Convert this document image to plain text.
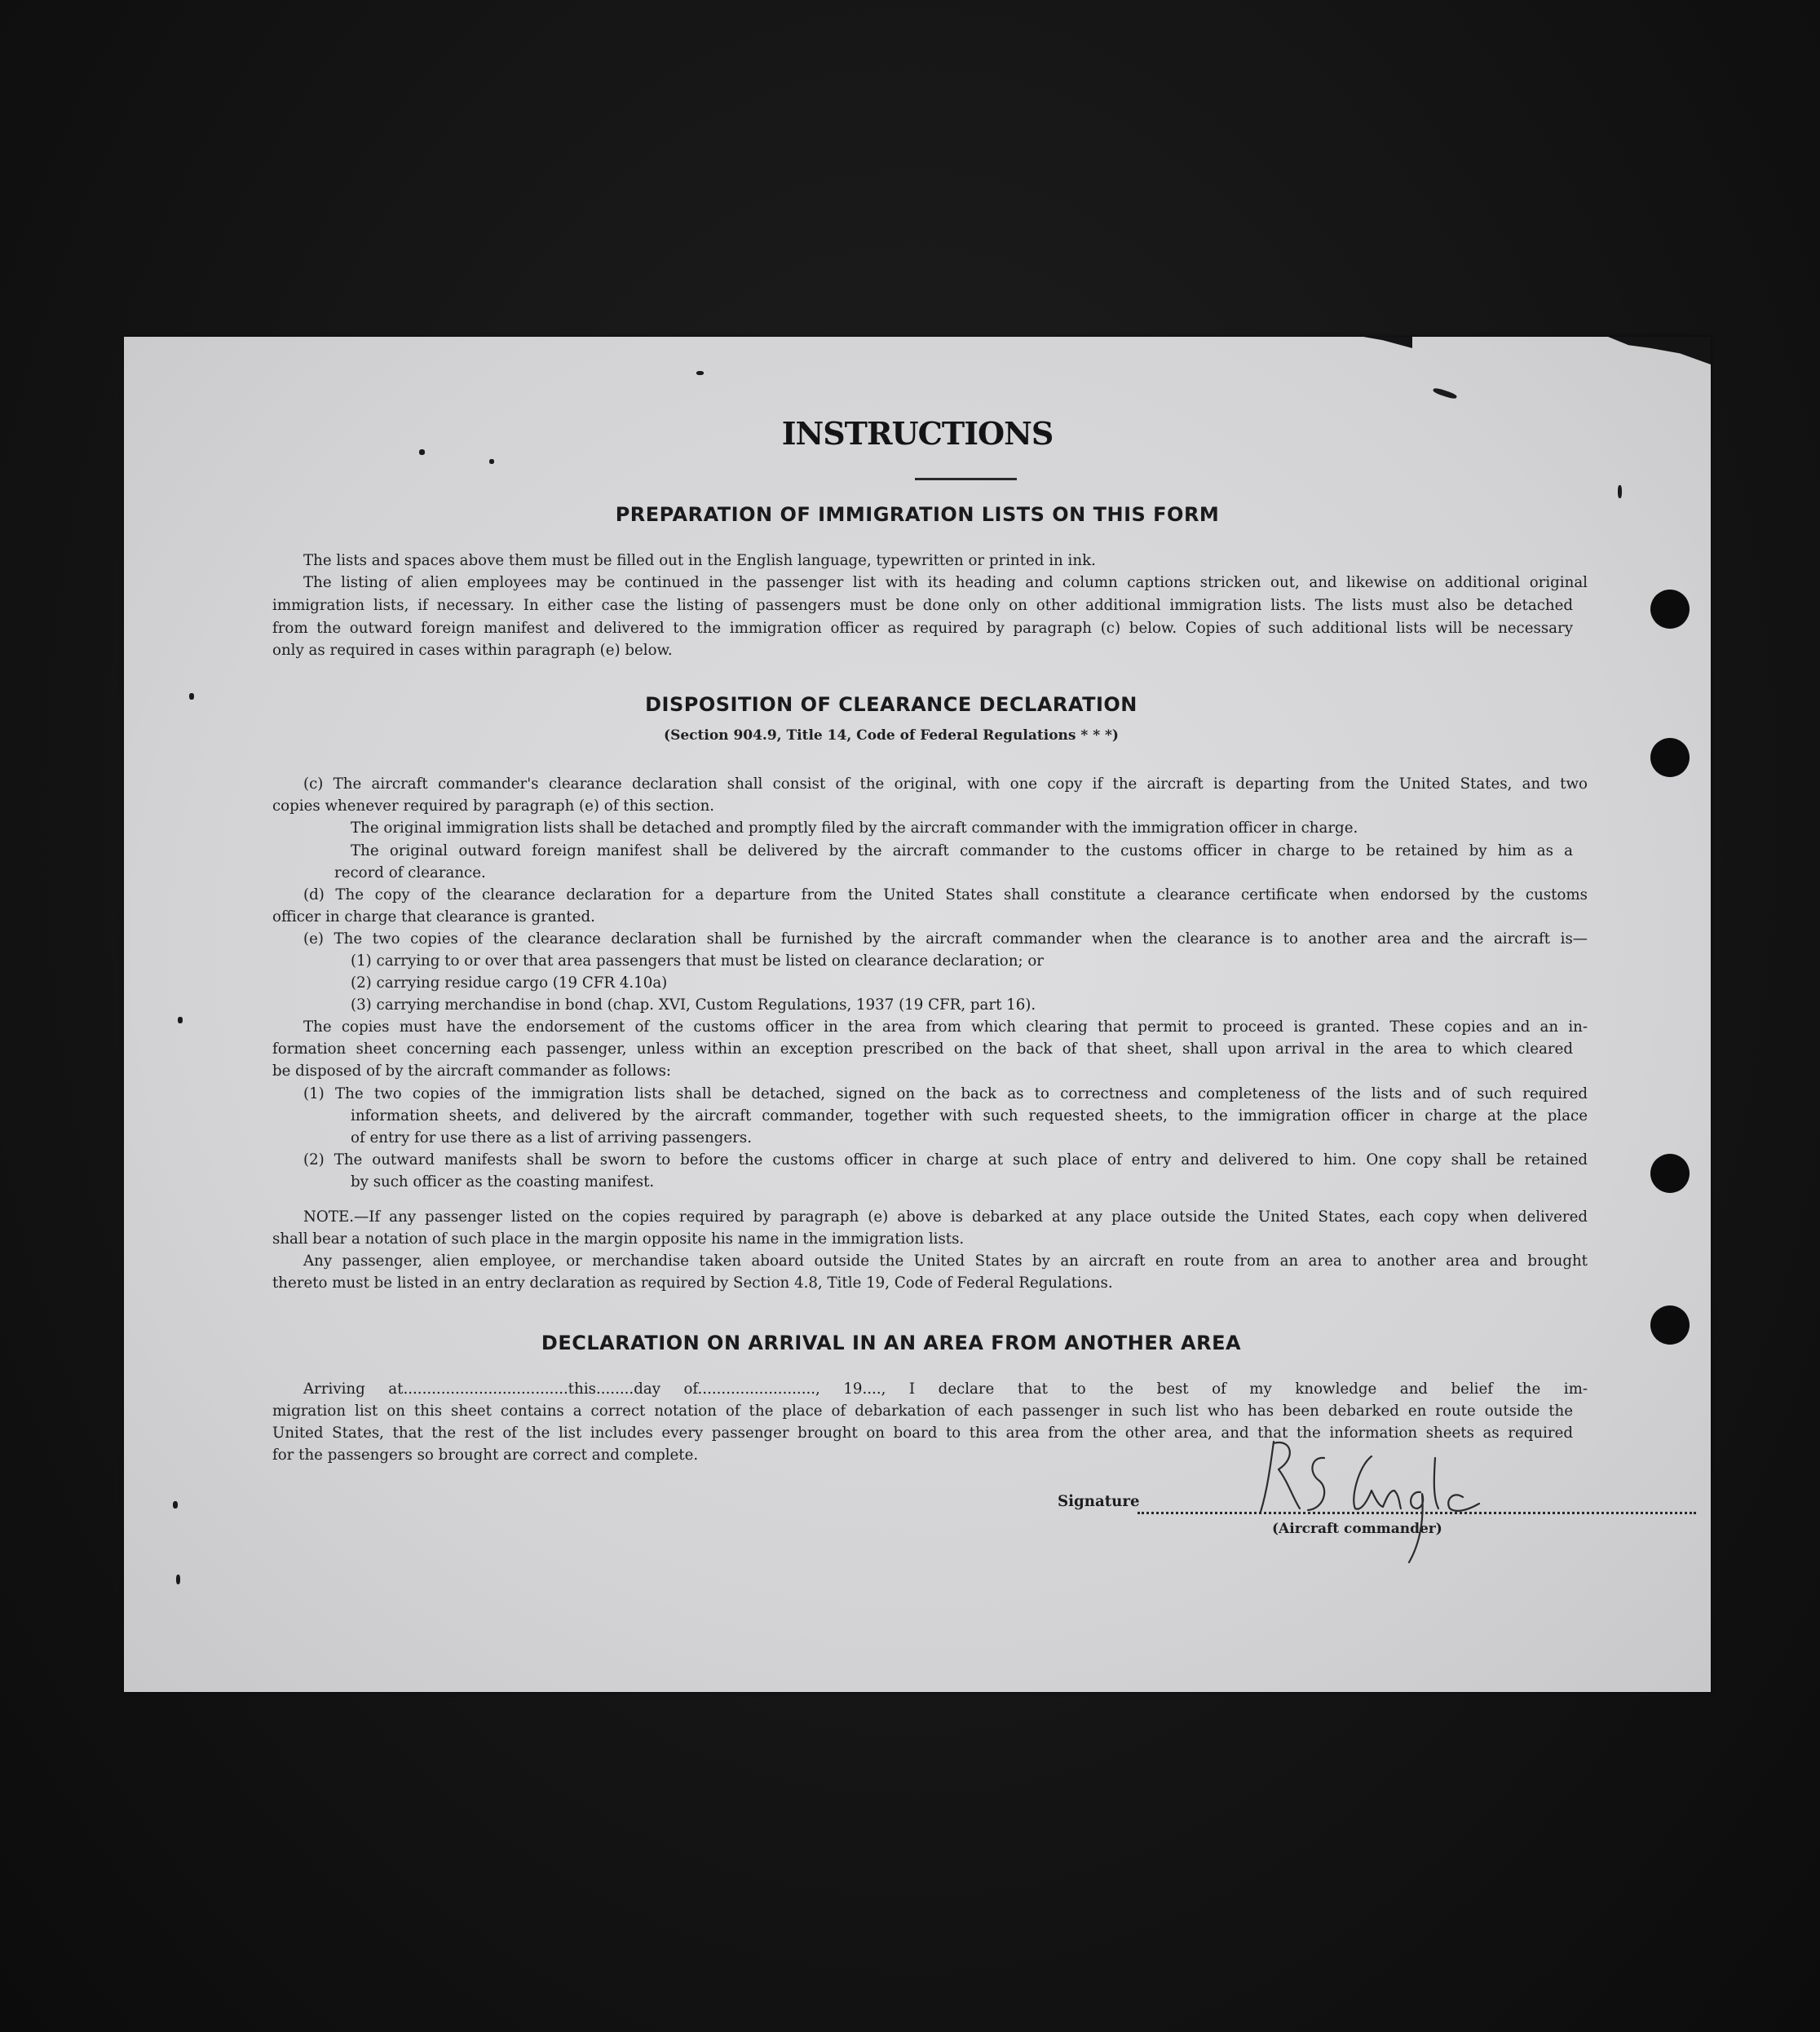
INSTRUCTIONS
PREPARATION OF IMMIGRATION LISTS ON THIS FORM
The lists and spaces above them must be filled out in the English language, typewritten or printed in ink.
The listing of alien employees may be continued in the passenger list with its heading and column captions stricken out, and likewise on additional original
immigration lists, if necessary. In either case the listing of passengers must be done only on other additional immigration lists. The lists must also be detached
from the outward foreign manifest and delivered to the immigration officer as required by paragraph (c) below. Copies of such additional lists will be necessary
only as required in cases within paragraph (e) below.
DISPOSITION OF CLEARANCE DECLARATION
(Section 904.9, Title 14, Code of Federal Regulations * * *)
(c) The aircraft commander's clearance declaration shall consist of the original, with one copy if the aircraft is departing from the United States, and two
copies whenever required by paragraph (e) of this section.
The original immigration lists shall be detached and promptly filed by the aircraft commander with the immigration officer in charge.
The original outward foreign manifest shall be delivered by the aircraft commander to the customs officer in charge to be retained by him as a
record of clearance.
(d) The copy of the clearance declaration for a departure from the United States shall constitute a clearance certificate when endorsed by the customs
officer in charge that clearance is granted.
(e) The two copies of the clearance declaration shall be furnished by the aircraft commander when the clearance is to another area and the aircraft is—
(1) carrying to or over that area passengers that must be listed on clearance declaration; or
(2) carrying residue cargo (19 CFR 4.10a)
(3) carrying merchandise in bond (chap. XVI, Custom Regulations, 1937 (19 CFR, part 16).
The copies must have the endorsement of the customs officer in the area from which clearing that permit to proceed is granted. These copies and an in-
formation sheet concerning each passenger, unless within an exception prescribed on the back of that sheet, shall upon arrival in the area to which cleared
be disposed of by the aircraft commander as follows:
(1) The two copies of the immigration lists shall be detached, signed on the back as to correctness and completeness of the lists and of such required
information sheets, and delivered by the aircraft commander, together with such requested sheets, to the immigration officer in charge at the place
of entry for use there as a list of arriving passengers.
(2) The outward manifests shall be sworn to before the customs officer in charge at such place of entry and delivered to him. One copy shall be retained
by such officer as the coasting manifest.
NOTE.—If any passenger listed on the copies required by paragraph (e) above is debarked at any place outside the United States, each copy when delivered
shall bear a notation of such place in the margin opposite his name in the immigration lists.
Any passenger, alien employee, or merchandise taken aboard outside the United States by an aircraft en route from an area to another area and brought
thereto must be listed in an entry declaration as required by Section 4.8, Title 19, Code of Federal Regulations.
DECLARATION ON ARRIVAL IN AN AREA FROM ANOTHER AREA
Arriving at...................................this........day of........................., 19...., I declare that to the best of my knowledge and belief the im-
migration list on this sheet contains a correct notation of the place of debarkation of each passenger in such list who has been debarked en route outside the
United States, that the rest of the list includes every passenger brought on board to this area from the other area, and that the information sheets as required
for the passengers so brought are correct and complete.
Signature
(Aircraft commander)
